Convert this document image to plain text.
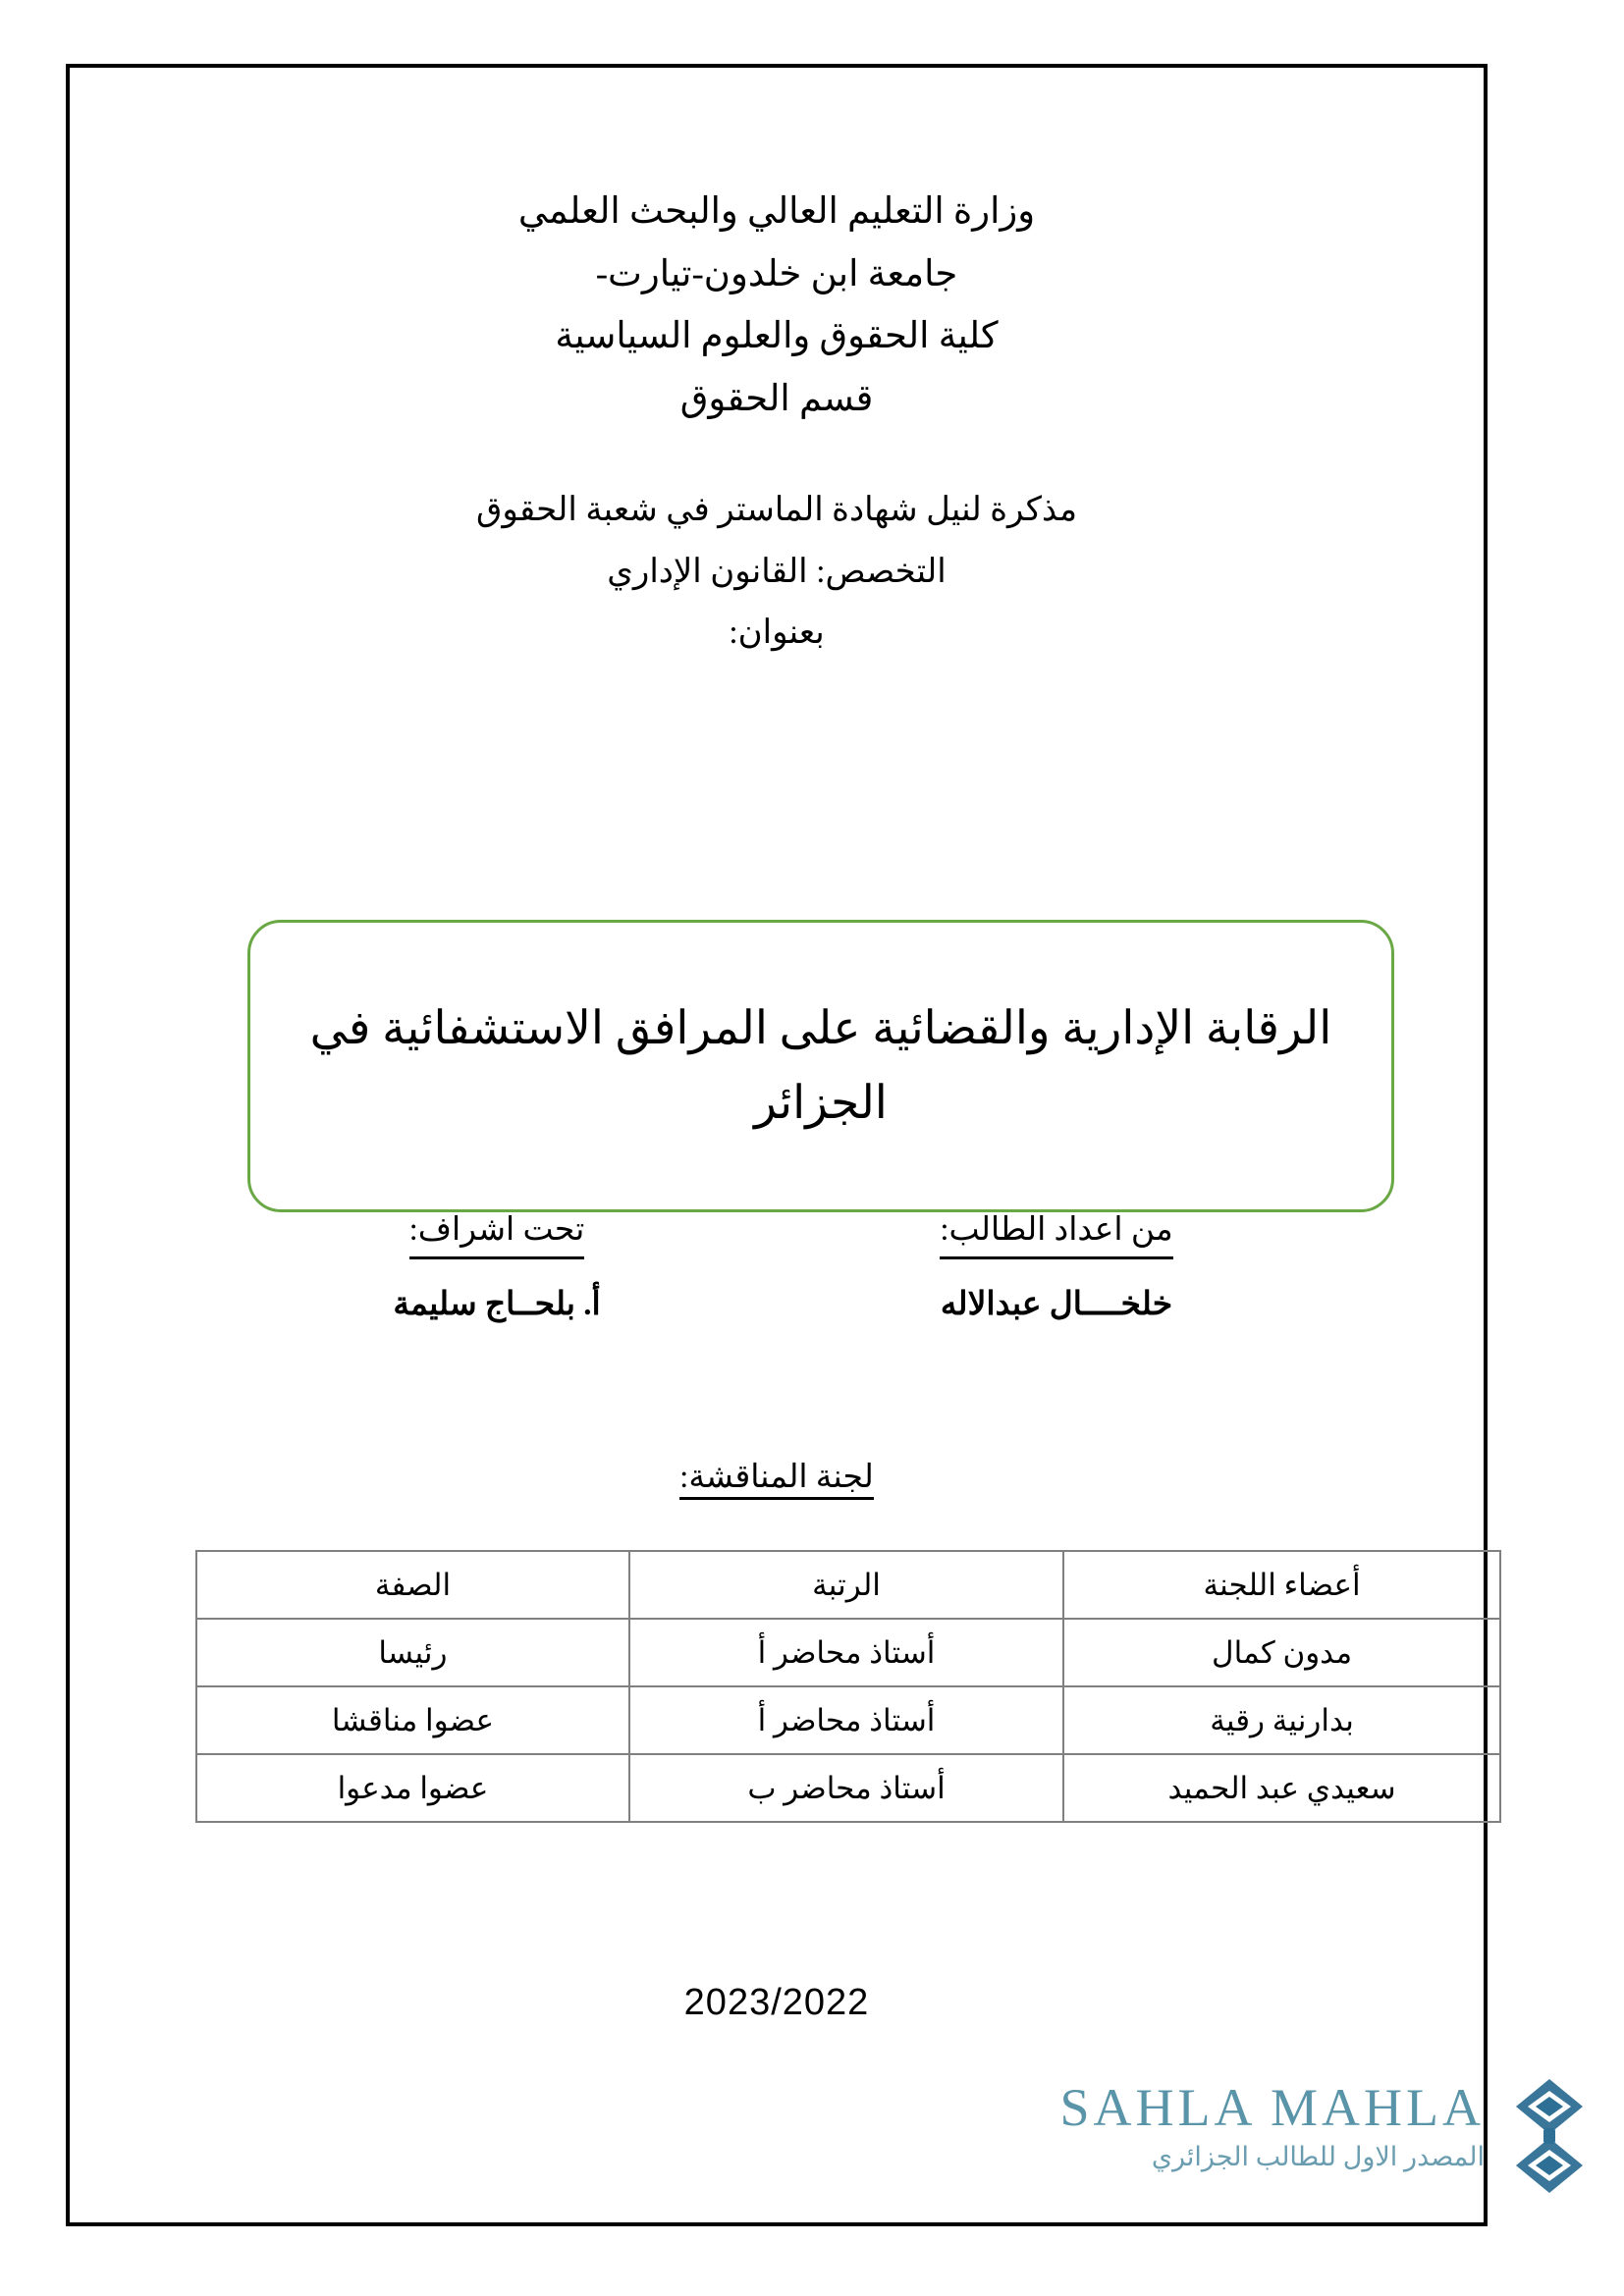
وزارة التعليم العالي والبحث العلمي
جامعة ابن خلدون-تيارت-
كلية الحقوق والعلوم السياسية
قسم الحقوق
مذكرة لنيل شهادة الماستر في شعبة الحقوق
التخصص: القانون الإداري
بعنوان:
الرقابة الإدارية والقضائية على المرافق الاستشفائية في الجزائر
من اعداد الطالب:
خلخــــال عبدالاله
تحت اشراف:
أ. بلحــاج سليمة
لجنة المناقشة:
أعضاء اللجنة	الرتبة	الصفة
مدون كمال	أستاذ محاضر أ	رئيسا
بدارنية رقية	أستاذ محاضر أ	عضوا مناقشا
سعيدي عبد الحميد	أستاذ محاضر ب	عضوا مدعوا
2023/2022
SAHLA MAHLA
المصدر الاول للطالب الجزائري
